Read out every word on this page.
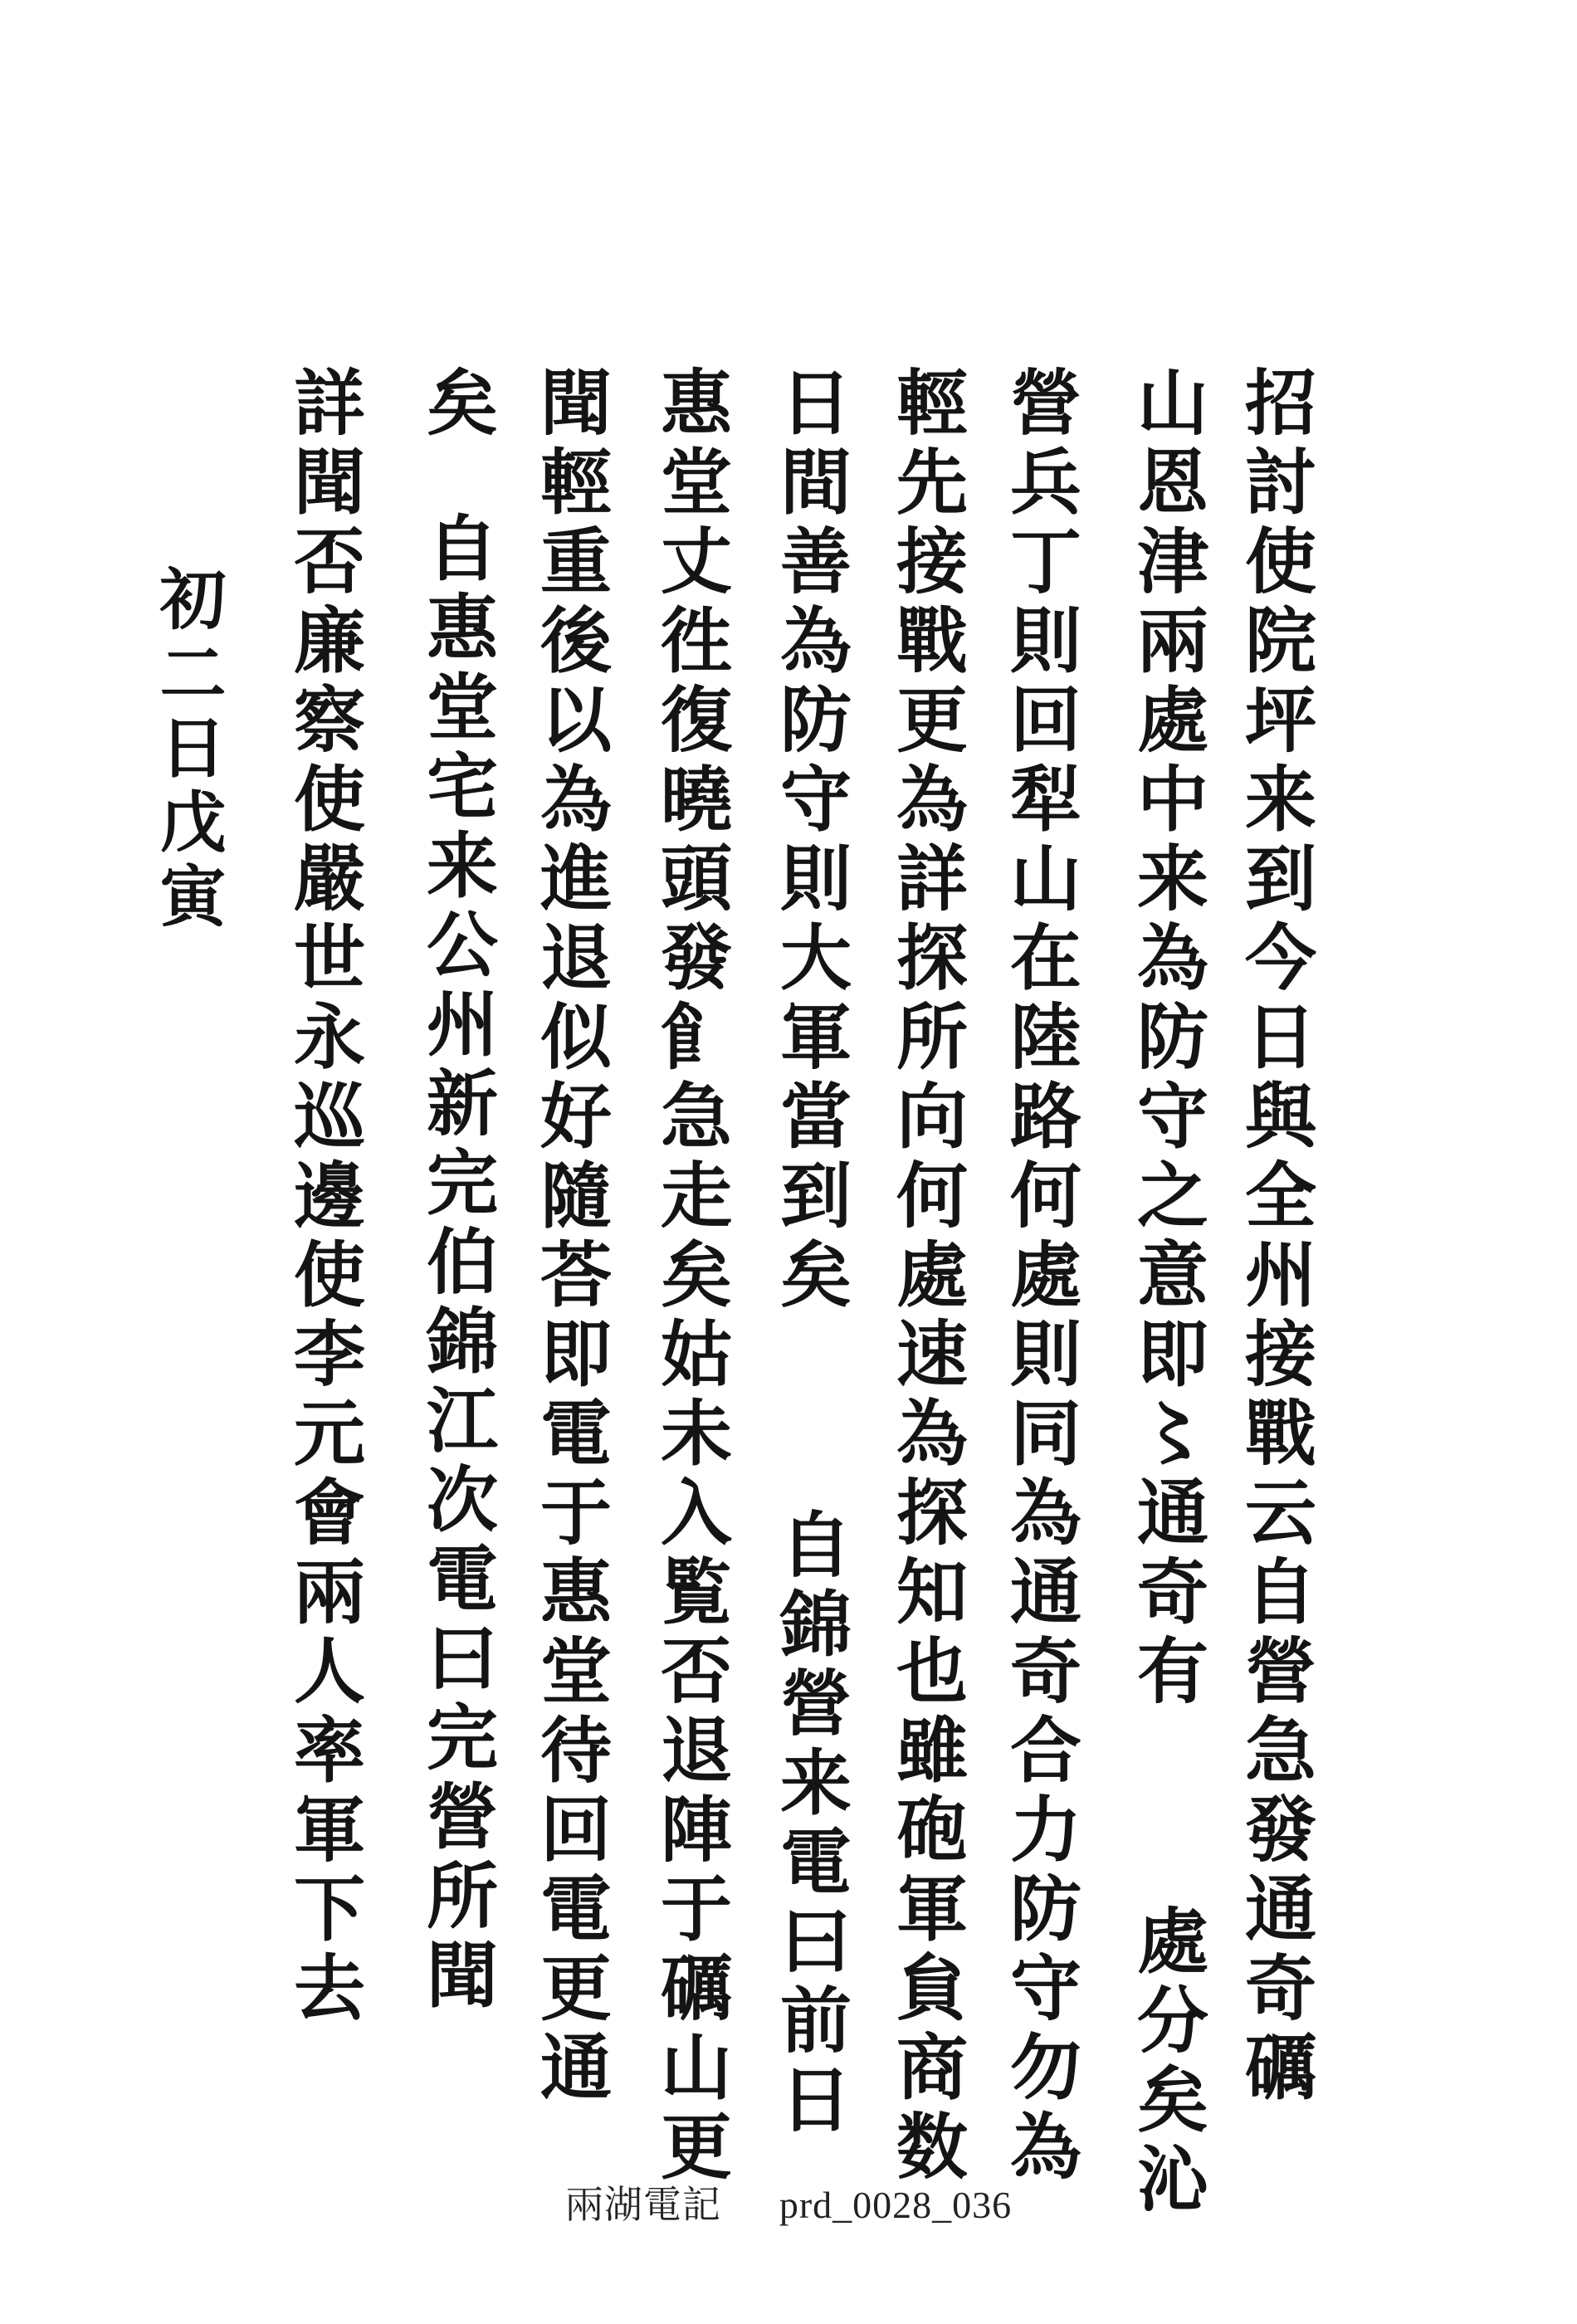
招討使院坪来到今日與全州接戰云自營急發通奇礪
山恩津兩處中来為防守之意即〻通奇有處分矣沁
營兵丁則回犁山在陸路何處則同為通奇合力防守勿為
輕先接戰更為詳探所向何處速為探知也雖砲軍貟商数
日間善為防守則大軍當到矣自錦營来電曰前日
惠堂丈徃復曉頭發𩙿急走矣姑未入覧否退陣于礪山更
聞輕重後以為進退似好隨荅即電于惠堂待回電更通
矣自惠堂宅来公州新完伯錦江次電曰完營所聞
詳聞否廉察使嚴世永巡邊使李元會兩人率軍下去
初二日戊寅
兩湖電記 prd_0028_036
